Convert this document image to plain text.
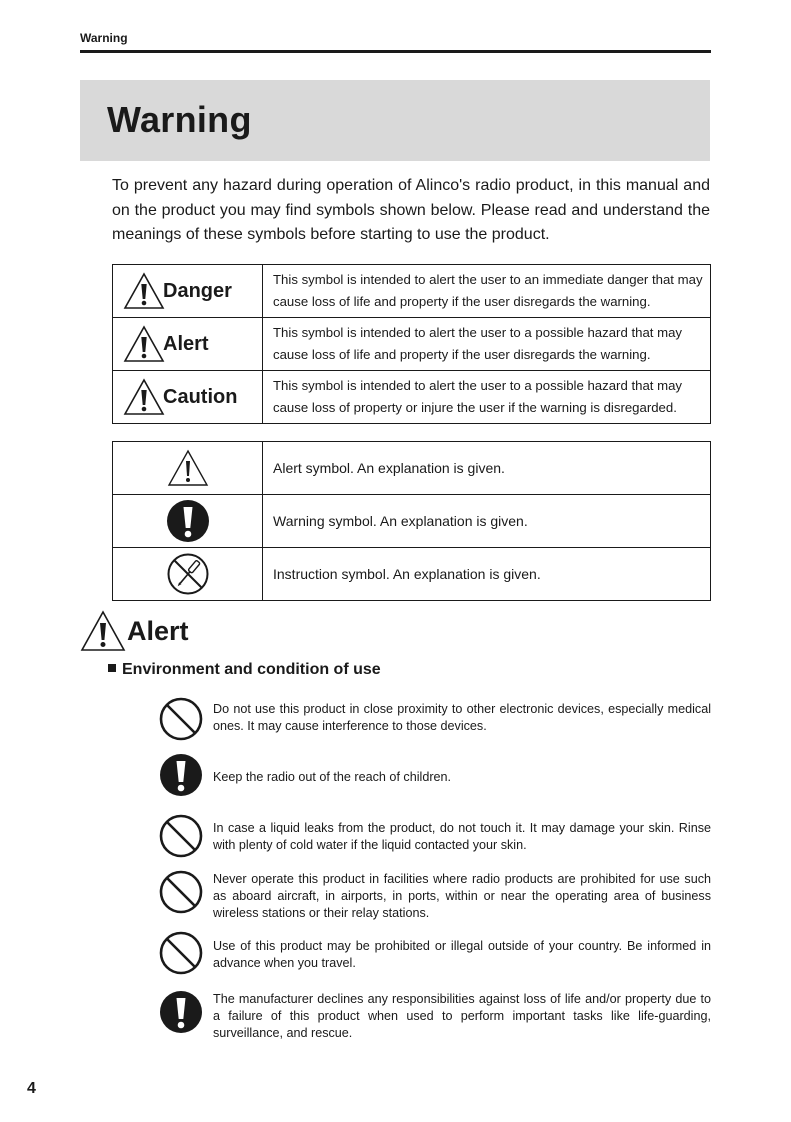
Warning
Warning
To prevent any hazard during operation of Alinco's radio product, in this manual and on the product you may find symbols shown below. Please read and understand the meanings of these symbols before starting to use the product.
Danger	This symbol is intended to alert the user to an immediate danger that may cause loss of life and property if the user disregards the warning.

Alert	This symbol is intended to alert the user to a possible hazard that may cause loss of life and property if the user disregards the warning.

Caution	This symbol is intended to alert the user to a possible hazard that may cause loss of property or injure the user if the warning is disregarded.
	Alert symbol. An explanation is given.
	Warning symbol. An explanation is given.
	Instruction symbol. An explanation is given.
Alert
Environment and condition of use

Do not use this product in close proximity to other electronic devices, especially medical ones. It may cause interference to those devices.

Keep the radio out of the reach of children.

In case a liquid leaks from the product, do not touch it. It may damage your skin. Rinse with plenty of cold water if the liquid contacted your skin.

Never operate this product in facilities where radio products are prohibited for use such as aboard aircraft, in airports, in ports, within or near the operating area of business wireless stations or their relay stations.

Use of this product may be prohibited or illegal outside of your country. Be informed in advance when you travel.

The manufacturer declines any responsibilities against loss of life and/or property due to a failure of this product when used to perform important tasks like life-guarding, surveillance, and rescue.

4
